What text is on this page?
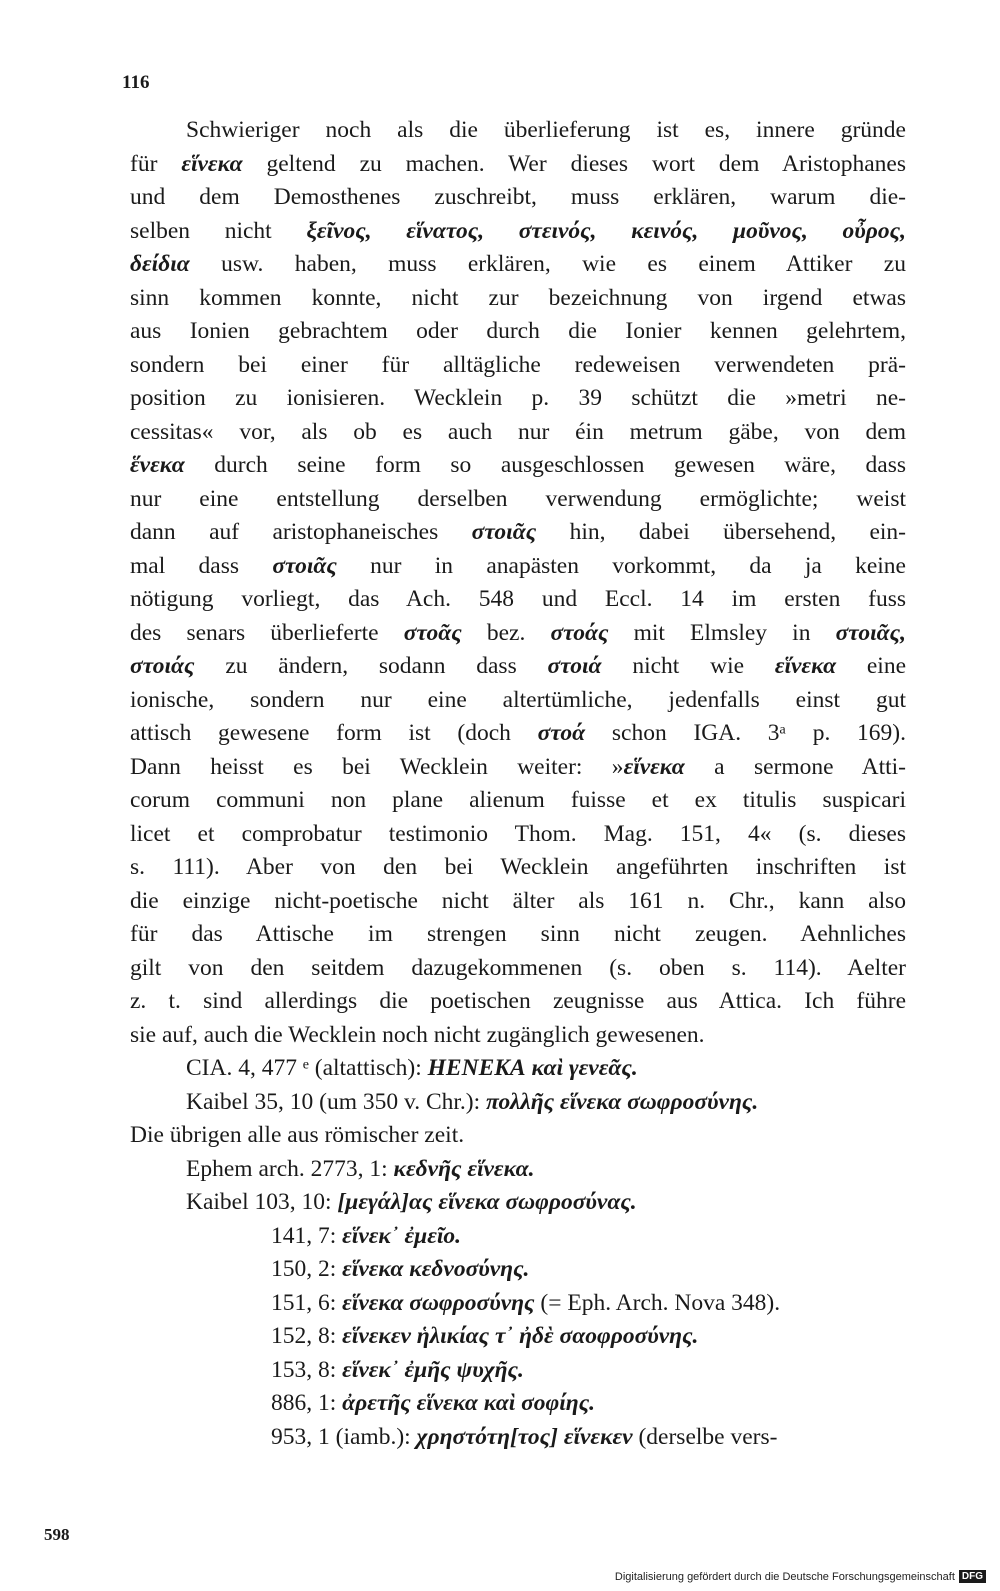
116
Schwieriger noch als die überlieferung ist es, innere gründe
für εἵνεκα geltend zu machen. Wer dieses wort dem Aristophanes
und dem Demosthenes zuschreibt, muss erklären, warum die-
selben nicht ξεῖνος, εἵνατος, στεινός, κεινός, μοῦνος, οὖρος,
δείδια usw. haben, muss erklären, wie es einem Attiker zu
sinn kommen konnte, nicht zur bezeichnung von irgend etwas
aus Ionien gebrachtem oder durch die Ionier kennen gelehrtem,
sondern bei einer für alltägliche redeweisen verwendeten prä-
position zu ionisieren. Wecklein p. 39 schützt die »metri ne-
cessitas« vor, als ob es auch nur éin metrum gäbe, von dem
ἕνεκα durch seine form so ausgeschlossen gewesen wäre, dass
nur eine entstellung derselben verwendung ermöglichte; weist
dann auf aristophaneisches στοιᾶς hin, dabei übersehend, ein-
mal dass στοιᾶς nur in anapästen vorkommt, da ja keine
nötigung vorliegt, das Ach. 548 und Eccl. 14 im ersten fuss
des senars überlieferte στοᾶς bez. στοάς mit Elmsley in στοιᾶς,
στοιάς zu ändern, sodann dass στοιά nicht wie εἵνεκα eine
ionische, sondern nur eine altertümliche, jedenfalls einst gut
attisch gewesene form ist (doch στοά schon IGA. 3ᵃ p. 169).
Dann heisst es bei Wecklein weiter: »εἵνεκα a sermone Atti-
corum communi non plane alienum fuisse et ex titulis suspicari
licet et comprobatur testimonio Thom. Mag. 151, 4« (s. dieses
s. 111). Aber von den bei Wecklein angeführten inschriften ist
die einzige nicht-poetische nicht älter als 161 n. Chr., kann also
für das Attische im strengen sinn nicht zeugen. Aehnliches
gilt von den seitdem dazugekommenen (s. oben s. 114). Aelter
z. t. sind allerdings die poetischen zeugnisse aus Attica. Ich führe
sie auf, auch die Wecklein noch nicht zugänglich gewesenen.
CIA. 4, 477 ᵉ (altattisch): HENEKA καὶ γενεᾶς.
Kaibel 35, 10 (um 350 v. Chr.): πολλῆς εἵνεκα σωφροσύνης.
Die übrigen alle aus römischer zeit.
Ephem arch. 2773, 1: κεδνῆς εἵνεκα.
Kaibel 103, 10: [μεγάλ]ας εἵνεκα σωφροσύνας.
141, 7: εἵνεκ᾽ ἐμεῖο.
150, 2: εἵνεκα κεδνοσύνης.
151, 6: εἵνεκα σωφροσύνης (= Eph. Arch. Nova 348).
152, 8: εἵνεκεν ἡλικίας τ᾽ ἠδὲ σαοφροσύνης.
153, 8: εἵνεκ᾽ ἐμῆς ψυχῆς.
886, 1: ἀρετῆς εἵνεκα καὶ σοφίης.
953, 1 (iamb.): χρηστότη[τος] εἵνεκεν (derselbe vers-
598
Digitalisierung gefördert durch die Deutsche Forschungsgemeinschaft DFG
